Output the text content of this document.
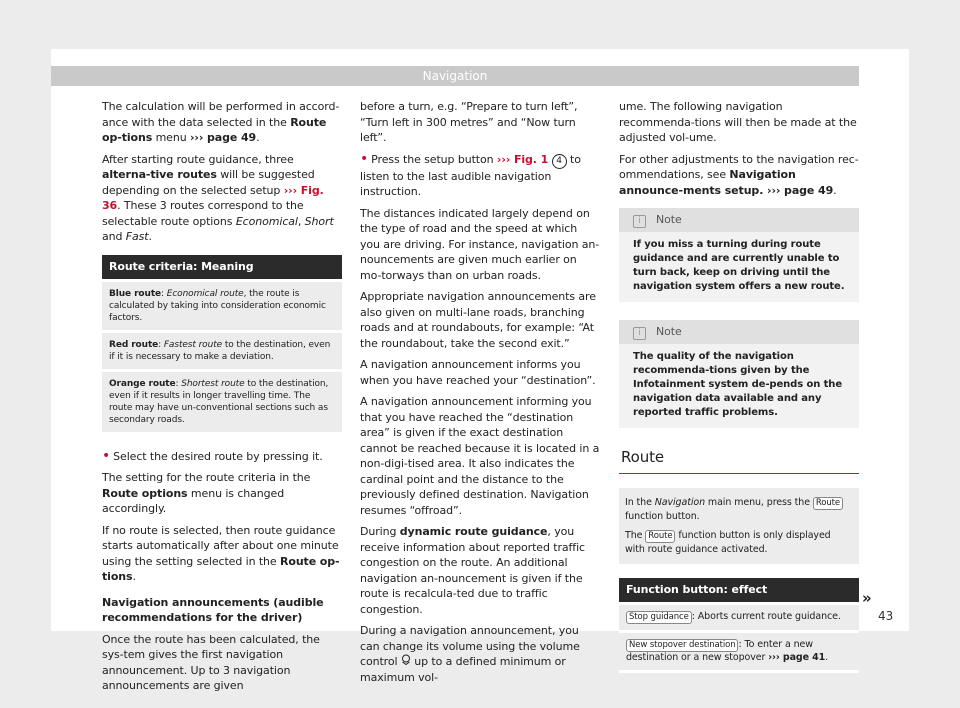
Navigation

The calculation will be performed in accord-ance with the data selected in the Route op-tions menu ››› page 49.

After starting route guidance, three alterna-tive routes will be suggested depending on the selected setup ››› Fig. 36. These 3 routes correspond to the selectable route options Economical, Short and Fast.

Route criteria: Meaning
Blue route: Economical route, the route is calculated by taking into consideration economic factors.
Red route: Fastest route to the destination, even if it is necessary to make a deviation.
Orange route: Shortest route to the destination, even if it results in longer travelling time. The route may have un-conventional sections such as secondary roads.

• Select the desired route by pressing it.

The setting for the route criteria in the Route options menu is changed accordingly.

If no route is selected, then route guidance starts automatically after about one minute using the setting selected in the Route op-tions.

Navigation announcements (audible recommendations for the driver)

Once the route has been calculated, the sys-tem gives the first navigation announcement. Up to 3 navigation announcements are given

before a turn, e.g. “Prepare to turn left”, “Turn left in 300 metres” and “Now turn left”.

• Press the setup button ››› Fig. 1 4 to listen to the last audible navigation instruction.

The distances indicated largely depend on the type of road and the speed at which you are driving. For instance, navigation an-nouncements are given much earlier on mo-torways than on urban roads.

Appropriate navigation announcements are also given on multi-lane roads, branching roads and at roundabouts, for example: “At the roundabout, take the second exit.”

A navigation announcement informs you when you have reached your “destination”.

A navigation announcement informing you that you have reached the “destination area” is given if the exact destination cannot be reached because it is located in a non-digi-tised area. It also indicates the cardinal point and the distance to the previously defined destination. Navigation resumes “offroad”.

During dynamic route guidance, you receive information about reported traffic congestion on the route. An additional navigation an-nouncement is given if the route is recalcula-ted due to traffic congestion.

During a navigation announcement, you can change its volume using the volume control  up to a defined minimum or maximum vol-

ume. The following navigation recommenda-tions will then be made at the adjusted vol-ume.

For other adjustments to the navigation rec-ommendations, see Navigation announce-ments setup. ››› page 49.

i Note
If you miss a turning during route guidance and are currently unable to turn back, keep on driving until the navigation system offers a new route.
i Note
The quality of the navigation recommenda-tions given by the Infotainment system de-pends on the navigation data available and any reported traffic problems.
Route

In the Navigation main menu, press the Route function button.

The Route function button is only displayed with route guidance activated.

Function button: effect
Stop guidance : Aborts current route guidance.
New stopover destination : To enter a new destination or a new stopover ››› page 41.
»
43
